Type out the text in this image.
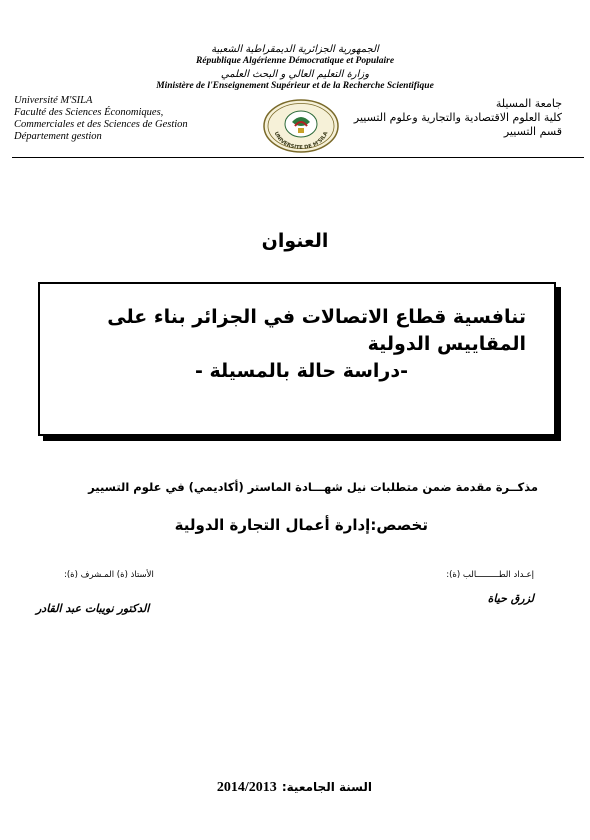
الجمهورية الجزائرية الديمقراطية الشعبية
République Algérienne Démocratique et Populaire
وزارة التعليم العالي و البحث العلمي
Ministère de l'Enseignement Supérieur et de la Recherche Scientifique
Université M'SILA
Faculté des Sciences Économiques,
Commerciales et des Sciences de Gestion
Département gestion
جامعة المسيلة
كلية العلوم الاقتصادية والتجارية وعلوم التسيير
قسم التسيير
UNIVERSITE DE M'SILA
العنوان
تنافسية قطاع الاتصالات في الجزائر بناء على المقاييس الدولية
-دراسة حالة بالمسيلة -
مذكــرة مقدمة ضمن متطلبات نيل شهـــادة الماستر (أكاديمي) في علوم التسيير
تخصص:إدارة أعمال التجارة الدولية
إعـداد الطـــــــــالب (ة):
لزرق حياة
الأستاذ (ة) المـشرف (ة):
الدكتور نويبات عبد القادر
السنة الجامعية: 2014/2013
